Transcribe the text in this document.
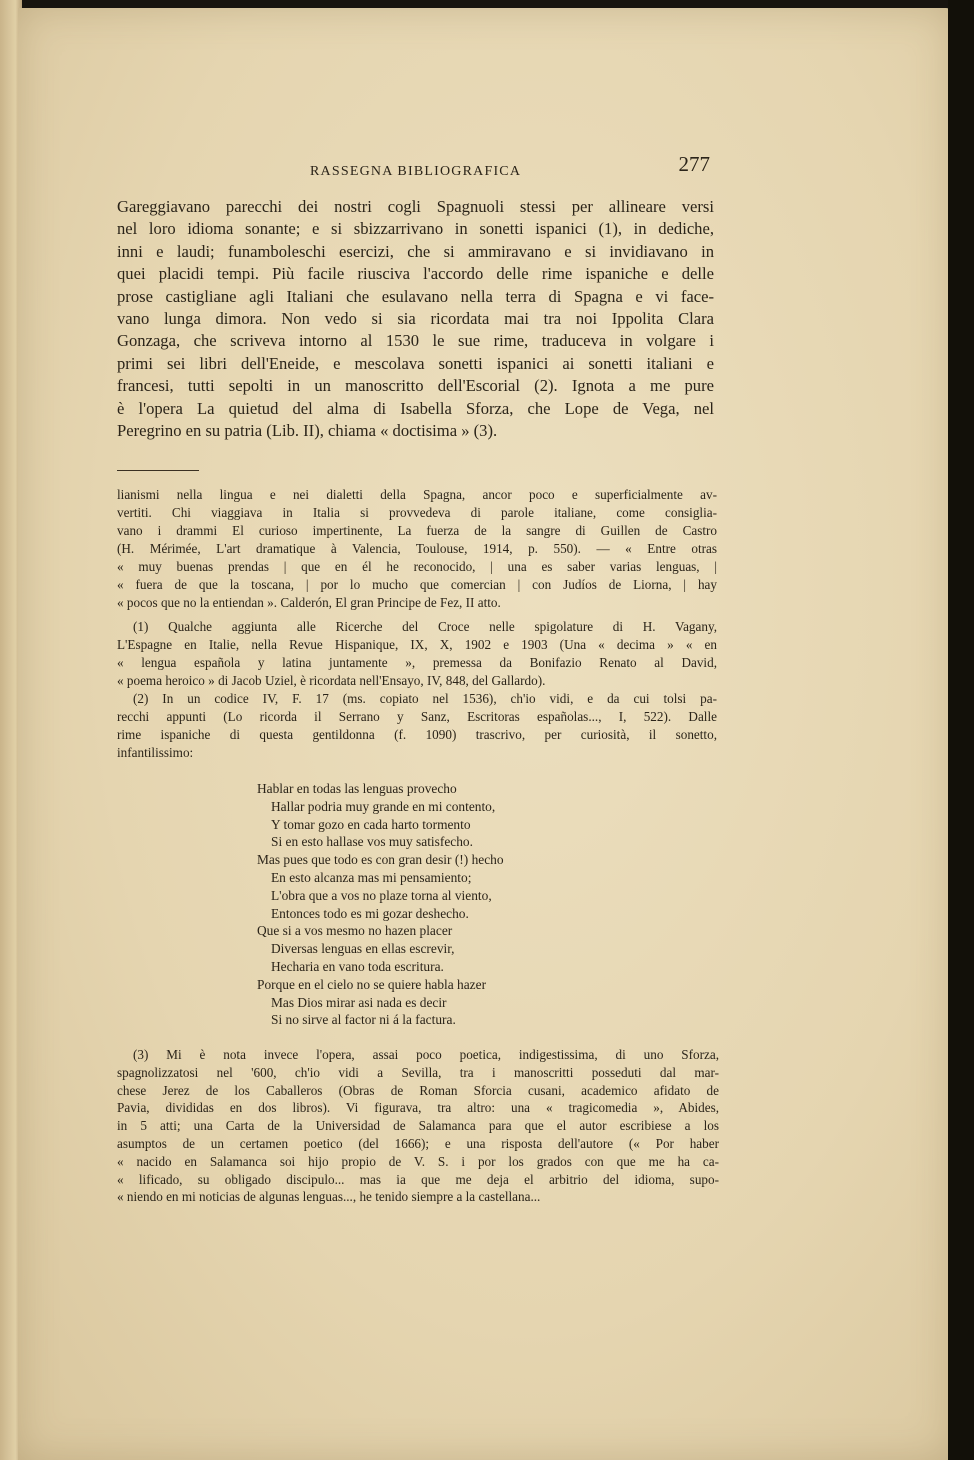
RASSEGNA BIBLIOGRAFICA	277
Gareggiavano parecchi dei nostri cogli Spagnuoli stessi per allineare versi
nel loro idioma sonante; e si sbizzarrivano in sonetti ispanici (1), in dediche,
inni e laudi; funamboleschi esercizi, che si ammiravano e si invidiavano in
quei placidi tempi. Più facile riusciva l'accordo delle rime ispaniche e delle
prose castigliane agli Italiani che esulavano nella terra di Spagna e vi face-
vano lunga dimora. Non vedo si sia ricordata mai tra noi Ippolita Clara
Gonzaga, che scriveva intorno al 1530 le sue rime, traduceva in volgare i
primi sei libri dell'Eneide, e mescolava sonetti ispanici ai sonetti italiani e
francesi, tutti sepolti in un manoscritto dell'Escorial (2). Ignota a me pure
è l'opera La quietud del alma di Isabella Sforza, che Lope de Vega, nel
Peregrino en su patria (Lib. II), chiama « doctisima » (3).
lianismi nella lingua e nei dialetti della Spagna, ancor poco e superficialmente av-
vertiti. Chi viaggiava in Italia si provvedeva di parole italiane, come consiglia-
vano i drammi El curioso impertinente, La fuerza de la sangre di Guillen de Castro
(H. Mérimée, L'art dramatique à Valencia, Toulouse, 1914, p. 550). — « Entre otras
« muy buenas prendas | que en él he reconocido, | una es saber varias lenguas, |
« fuera de que la toscana, | por lo mucho que comercian | con Judíos de Liorna, | hay
« pocos que no la entiendan ». Calderón, El gran Principe de Fez, II atto.
(1) Qualche aggiunta alle Ricerche del Croce nelle spigolature di H. Vagany,
L'Espagne en Italie, nella Revue Hispanique, IX, X, 1902 e 1903 (Una « decima » « en
« lengua española y latina juntamente », premessa da Bonifazio Renato al David,
« poema heroico » di Jacob Uziel, è ricordata nell'Ensayo, IV, 848, del Gallardo).
(2) In un codice IV, F. 17 (ms. copiato nel 1536), ch'io vidi, e da cui tolsi pa-
recchi appunti (Lo ricorda il Serrano y Sanz, Escritoras españolas..., I, 522). Dalle
rime ispaniche di questa gentildonna (f. 1090) trascrivo, per curiosità, il sonetto,
infantilissimo:
Hablar en todas las lenguas provecho
Hallar podria muy grande en mi contento,
Y tomar gozo en cada harto tormento
Si en esto hallase vos muy satisfecho.
Mas pues que todo es con gran desir (!) hecho
En esto alcanza mas mi pensamiento;
L'obra que a vos no plaze torna al viento,
Entonces todo es mi gozar deshecho.
Que si a vos mesmo no hazen placer
Diversas lenguas en ellas escrevir,
Hecharia en vano toda escritura.
Porque en el cielo no se quiere habla hazer
Mas Dios mirar asi nada es decir
Si no sirve al factor ni á la factura.
(3) Mi è nota invece l'opera, assai poco poetica, indigestissima, di uno Sforza,
spagnolizzatosi nel '600, ch'io vidi a Sevilla, tra i manoscritti posseduti dal mar-
chese Jerez de los Caballeros (Obras de Roman Sforcia cusani, academico afidato de
Pavia, divididas en dos libros). Vi figurava, tra altro: una « tragicomedia », Abides,
in 5 atti; una Carta de la Universidad de Salamanca para que el autor escribiese a los
asumptos de un certamen poetico (del 1666); e una risposta dell'autore (« Por haber
« nacido en Salamanca soi hijo propio de V. S. i por los grados con que me ha ca-
« lificado, su obligado discipulo... mas ia que me deja el arbitrio del idioma, supo-
« niendo en mi noticias de algunas lenguas..., he tenido siempre a la castellana...
